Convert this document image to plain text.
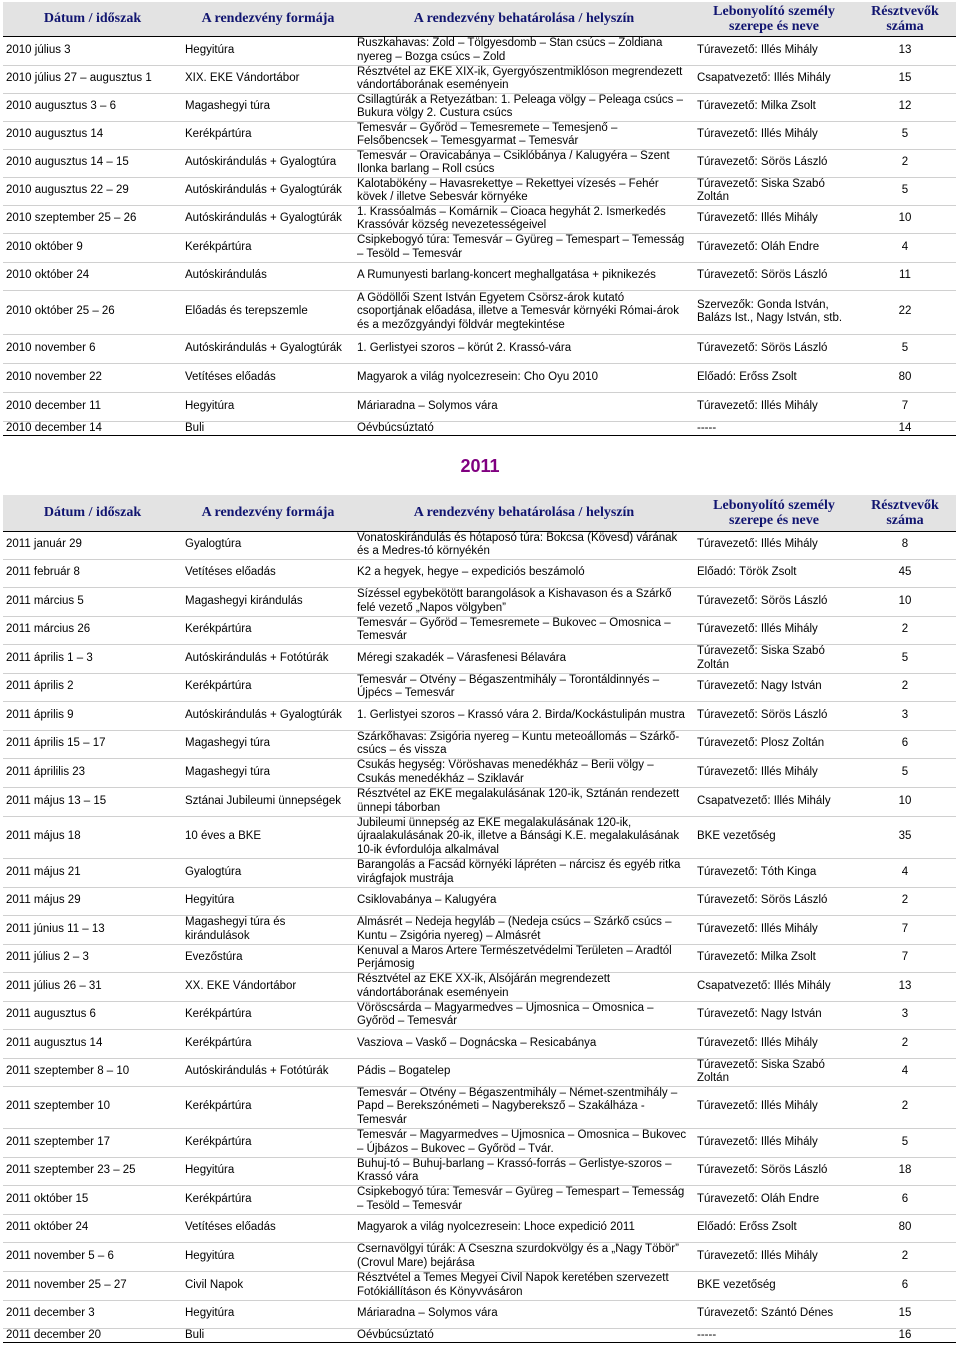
Dátum / időszak	A rendezvény formája	A rendezvény behatárolása / helyszín	Lebonyolító személy szerepe és neve	Résztvevők száma
2010 július 3	Hegyitúra	Ruszkahavas: Zold – Tölgyesdomb – Stan csúcs – Zoldiana nyereg – Bozga csúcs – Zold	Túravezető: Illés Mihály	13
2010 július 27 – augusztus 1	XIX. EKE Vándortábor	Résztvétel az EKE XIX-ik, Gyergyószentmiklóson megrendezett vándortáborának eseményein	Csapatvezető: Illés Mihály	15
2010 augusztus 3 – 6	Magashegyi túra	Csillagtúrák a Retyezátban: 1. Peleaga völgy – Peleaga csúcs – Bukura völgy 2. Custura csúcs	Túravezető: Milka Zsolt	12
2010 augusztus 14	Kerékpártúra	Temesvár – Győröd – Temesremete – Temesjenő – Felsőbencsek – Temesgyarmat – Temesvár	Túravezető: Illés Mihály	5
2010 augusztus 14 – 15	Autóskirándulás + Gyalogtúra	Temesvár – Oravicabánya – Csiklóbánya / Kalugyéra – Szent Ilonka barlang – Roll csúcs	Túravezető: Sörös László	2
2010 augusztus 22 – 29	Autóskirándulás + Gyalogtúrák	Kalotabökény – Havasrekettye – Rekettyei vízesés – Fehér kövek / illetve Sebesvár környéke	Túravezető: Siska Szabó Zoltán	5
2010 szeptember 25 – 26	Autóskirándulás + Gyalogtúrák	1. Krassóalmás – Komárnik – Cioaca hegyhát 2. Ismerkedés Krassóvár község nevezetességeivel	Túravezető: Illés Mihály	10
2010 október 9	Kerékpártúra	Csipkebogyó túra: Temesvár – Gyüreg – Temespart – Temesság – Tesöld – Temesvár	Túravezető: Oláh Endre	4
2010 október 24	Autóskirándulás	A Rumunyesti barlang-koncert meghallgatása + piknikezés	Túravezető: Sörös László	11
2010 október 25 – 26	Előadás és terepszemle	A Gödöllői Szent István Egyetem Csörsz-árok kutató csoportjának előadása, illetve a Temesvár környéki Római-árok és a mezőzgyándyi földvár megtekintése	Szervezők: Gonda István, Balázs Ist., Nagy István, stb.	22
2010 november 6	Autóskirándulás + Gyalogtúrák	1. Gerlistyei szoros – körút 2. Krassó-vára	Túravezető: Sörös László	5
2010 november 22	Vetítéses előadás	Magyarok a világ nyolcezresein: Cho Oyu 2010	Előadó: Erőss Zsolt	80
2010 december 11	Hegyitúra	Máriaradna – Solymos vára	Túravezető: Illés Mihály	7
2010 december 14	Buli	Óévbúcsúztató	-----	14
2011
Dátum / időszak	A rendezvény formája	A rendezvény behatárolása / helyszín	Lebonyolító személy szerepe és neve	Résztvevők száma
2011 január 29	Gyalogtúra	Vonatoskirándulás és hótaposó túra: Bokcsa (Kövesd) várának és a Medres-tó környékén	Túravezető: Illés Mihály	8
2011 február 8	Vetítéses előadás	K2 a hegyek, hegye – expediciós beszámoló	Előadó: Török Zsolt	45
2011 március 5	Magashegyi kirándulás	Sízéssel egybekötött barangolások a Kishavason és a Szárkő felé vezető „Napos völgyben”	Túravezető: Sörös László	10
2011 március 26	Kerékpártúra	Temesvár – Győröd – Temesremete – Bukovec – Ómosnica – Temesvár	Túravezető: Illés Mihály	2
2011 április 1 – 3	Autóskirándulás + Fotótúrák	Méregi szakadék – Várasfenesi Bélavára	Túravezető: Siska Szabó Zoltán	5
2011 április 2	Kerékpártúra	Temesvár – Ötvény – Bégaszentmihály – Torontáldinnyés – Újpécs – Temesvár	Túravezető: Nagy István	2
2011 április 9	Autóskirándulás + Gyalogtúrák	1. Gerlistyei szoros – Krassó vára 2. Birda/Kockástulipán mustra	Túravezető: Sörös László	3
2011 április 15 – 17	Magashegyi túra	Szárkőhavas: Zsigória nyereg – Kuntu meteoállomás – Szárkő-csúcs – és vissza	Túravezető: Plosz Zoltán	6
2011 áprililis 23	Magashegyi túra	Csukás hegység: Vöröshavas menedékház – Berii völgy – Csukás menedékház – Sziklavár	Túravezető: Illés Mihály	5
2011 május 13 – 15	Sztánai Jubileumi ünnepségek	Résztvétel az EKE megalakulásának 120-ik, Sztánán rendezett ünnepi táborban	Csapatvezető: Illés Mihály	10
2011 május 18	10 éves a BKE	Jubileumi ünnepség az EKE megalakulásának 120-ik, újraalakulásának 20-ik, illetve a Bánsági K.E. megalakulásának 10-ik évfordulója alkalmával	BKE vezetőség	35
2011 május 21	Gyalogtúra	Barangolás a Facsád környéki lápréten – nárcisz és egyéb ritka virágfajok mustrája	Túravezető: Tóth Kinga	4
2011 május 29	Hegyitúra	Csiklovabánya – Kalugyéra	Túravezető: Sörös László	2
2011 június 11 – 13	Magashegyi túra és kirándulások	Almásrét – Nedeja hegyláb – (Nedeja csúcs – Szárkő csúcs – Kuntu – Zsigória nyereg) – Almásrét	Túravezető: Illés Mihály	7
2011 július 2 – 3	Evezőstúra	Kenuval a Maros Artere Természetvédelmi Területen – Aradtól Perjámosig	Túravezető: Milka Zsolt	7
2011 július 26 – 31	XX. EKE Vándortábor	Résztvétel az EKE XX-ik, Alsójárán megrendezett vándortáborának eseményein	Csapatvezető: Illés Mihály	13
2011 augusztus 6	Kerékpártúra	Vöröscsárda – Magyarmedves – Újmosnica – Ómosnica – Győröd – Temesvár	Túravezető: Nagy István	3
2011 augusztus 14	Kerékpártúra	Vasziova – Vaskő – Dognácska – Resicabánya	Túravezető: Illés Mihály	2
2011 szeptember 8 – 10	Autóskirándulás + Fotótúrák	Pádis – Bogatelep	Túravezető: Siska Szabó Zoltán	4
2011 szeptember 10	Kerékpártúra	Temesvár – Ötvény – Bégaszentmihály – Német-szentmihály – Papd – Berekszónémeti – Nagybereksző – Szakálháza - Temesvár	Túravezető: Illés Mihály	2
2011 szeptember 17	Kerékpártúra	Temesvár – Magyarmedves – Újmosnica – Ómosnica – Bukovec – Újbázos – Bukovec – Győröd – Tvár.	Túravezető: Illés Mihály	5
2011 szeptember 23 – 25	Hegyitúra	Buhuj-tó – Buhuj-barlang – Krassó-forrás – Gerlistye-szoros – Krassó vára	Túravezető: Sörös László	18
2011 október 15	Kerékpártúra	Csipkebogyó túra: Temesvár – Gyüreg – Temespart – Temesság – Tesöld – Temesvár	Túravezető: Oláh Endre	6
2011 október 24	Vetítéses előadás	Magyarok a világ nyolcezresein: Lhoce expedició 2011	Előadó: Erőss Zsolt	80
2011 november 5 – 6	Hegyitúra	Csernavölgyi túrák: A Cseszna szurdokvölgy és a „Nagy Töbör” (Crovul Mare) bejárása	Túravezető: Illés Mihály	2
2011 november 25 – 27	Civil Napok	Résztvétel a Temes Megyei Civil Napok keretében szervezett Fotókiállításon és Könyvvásáron	BKE vezetőség	6
2011 december 3	Hegyitúra	Máriaradna – Solymos vára	Túravezető: Szántó Dénes	15
2011 december 20	Buli	Óévbúcsúztató	-----	16
